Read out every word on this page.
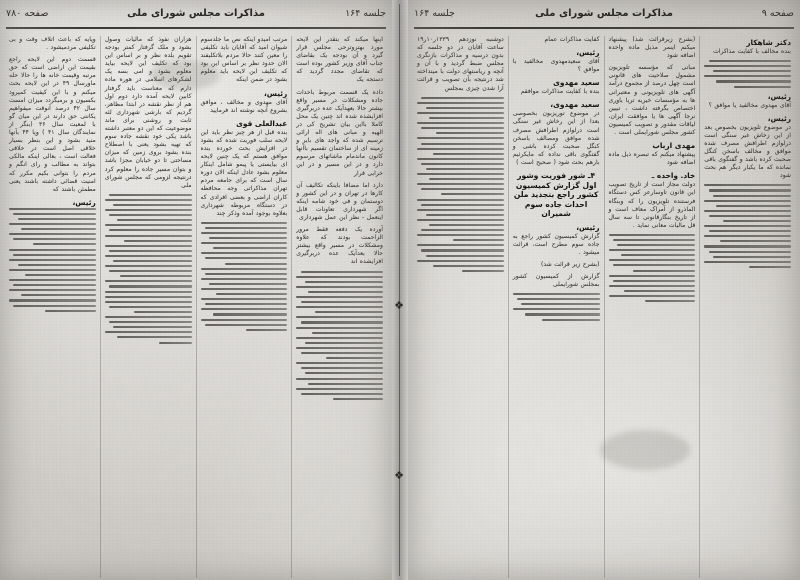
جلسه ۱۶۴
صفحه ۷۸۰	مذاکرات مجلس شورای ملی
اینها میکند که بتقدر این لایحه مورد بهتروترحی مجلس قرار گیرد و آن بودجه یک بقاضای جناب آقای وزیر کشور بوده است که تقاضای مجدد گردید که دستجه یک
داده یک قسمت مربوط باحداث جاده ومشکلات در مسیر واقع بیشتر حالا بعهدآیک عده دربرگیری افزایشده شده اند چنین یک محل کاملا بااین بیان تشریح کی در الهیه و مبانی های اله ارائی ترسیم شده که واجد های بایر و زمینه ای از ساختمان تقسیم باآنها کانون ماندمام ماشاتهای مرسوم دارد و در این مسیر و در این خرابی قرار
دارد اما مضافا باینکه تکالیف آن کارها در تهران و در این کشور و دوستمان و فی خود شامه اینکه اگر شهرداری تعاونات قابل اینعمل - نظر این عمل شهرداری
آورده یک دفعه فقط مرور الزاحمت بودند که علاوه ومشکلات در مسیر واقع بیشتر حالا بعدآیک عده دربرگیری افزایشده اند
مرتب امیدو اینکه نص ما جلدسوم شیوان امید که آقایان باید تکلیفی را معین کنند حالا مردم بلاتکلیفند الان حدود نظر بر اساس این بود که تکلیف این لایحه باید معلوم بشود در ضمن اینکه
رئیس،
آقای مهدوی و مخالف ، موافق بشروع آنچه نوشته اند فرمایید
عبدالعلی قوی
بنده قبل از هر چیز نظر باید این لایحه سلب فوریت شده که بشود در افزایش بحث خورده بنده موافق هستم که یک چنین لایحه ای بیایستی یا پیمو شامل اینکار معلوم بشود عادل اینکه الان دوره سال است که برای جامعه مردم تهران مذاکراتی وجه محافظه کاران اراضی و بعضی افرادی که در دستگاه مربوطه شهرداری بعلاوه بوجود آمده وذکر چند
هزاران نفوذ که مالیات وصول بشود و ملک گرفتار کمتر بودجه تقویم بلده نظر و بر اساس این بود که تکلیف این لایحه بیاید معلوم بشود و امی بسه یک لشکرهای اسلامی در هوره ماده دارم که معناست باید گرفتار کابین لایحه آمده دارد دوم اول هم از نظر نقشه در ابتدا مظاهر، گردیم که بارشی شهرداری لئه ثابت و روشنی برای ماند موضوعیت که این دو معتبر داشته باشد یکی خود نقشه جاده سوم که تهیه بشود یعنی با اصطلاح بنده بشود بروی زمین که میزان مساحتی تا دو خیابان مجزا باشد و بتوان مسیر جاده را معلوم کرد درنتیجه لزومی که مجلس شورای ملی
وپایه که باعث اتلاف وقت و بی تکلیفی مردمیشود .
قسمت دوم این لایحه راجع بقیمت این اراضی است که حق مرتبه وقیمت خانه ها را حالا حله ماورسال ۴۹ در این لایحه بحث میکنم و با این کیفیت کمپرود بکسیون و برمیگردد میزان امست سال ۴۲ درصد آنوقت میفواهیم یکانتی حق دارند در این میان گو با لمعیت سال ۳۶ (بنگر از نمایندگان سال ۴۱ ) وپا ۴۴ بآنها منید بشود و این بنظر بسیار خلاقی اصل است در خلاقی فعالت است ، بعالی اینکه مالکی بتواند به مطالب و رای انگم و مردم را بتوانی بکیم مکرر که امنیت قضائی داشته باشند یعنی مطمئن باشند که
رئیس،
❖
❖
صفحه ۹
جلسه ۱۶۴	مذاکرات مجلس شورای ملی
دکتر شاهکار
بنده مخالف با کفایت مذاکرات
رئیس،
آقای مهدوی مخالفید یا موافق ؟
رئیس،
در موضوع تلویزیون بخصوص بعد از این زخاش غیر سنگی است درلوازم اطرافش مصرف شده موافق و مخالف باسخن کنگل صحبت کرده باشد و گفتگوی باقی نمانده که ما یکبار دیگر هم بحث شود
(بشرح زیرقرائت شد) پیشنهاد میکنم اینمر مذیل ماده واحده اضافه شود
مبانی که مؤسسه تلویزیون مشمول صلاحیت های قانونی است چهل درصد از مجموع درآمد آگهی های تلویزیونی و معتبرانی ها به مؤسسات خیریه تریا یاوری اختصاص بگرفته داشت ، تبیین نرجا آگهی ها یا موافقت ایران، لیاقات مقدور و تصویب کمیسیون کشور مجلس شورایملی است .
مهدی ارباب
پیشنهاد میکنم که تبصره ذیل ماده اضافه شود
خاد. واحده ـ
دولت مجاز است از تاریخ تصویب این قانون تاوسارعر کس دستگاه فرستنده تلویزیون را که وبنگاه الماذرو از آمراک معاف است و از تاریخ بنگارقانونی تا سه سال قل مالیات معانی نماید .
کفایت مذاکرات عمام
رئیس،
آقای سعیدمهدوی مخالفید با موافق ؟
سعید مهدوی
بنده با کفایت مذاکرات موافقم
سعید مهدوی،
در موضوع توریزبون بخصوصی بعدا از این رخاش غیر سنگی است درلوازم اطرافش مصرف شده موافق ومصالف باسخن کنگل صحبت کرده باشی و گفتگوی باقی نداده که مایکرثیم بارهم بحث شود ( صحیح است )
۴ـ شور فوریت وشور اول گزارش کمیسیون کشور راجع بتجدید ملن احداث جاده سوم شمیران
رئیس،
گزارش کمیسیون کشور راجع به جاده سوم مطرح است، قرائت میشود .
(بشرح زیر قرائت شد)
گزارش از کمیسیون کشور بمجلس شورایملی
دوشنبه نوزدهم ۱۳۳۹ر۱۰ر۱۹ ساعت آقایان در دو جلسه که بدون درسیه و مذاکرات بازنگری مجلس ضبط گردید و با آن و آنچه و ریاستهای دولت با مینداخته شد درنتیجه بآن تصویب و قرائت آرا شدن چیزی بمجلس
